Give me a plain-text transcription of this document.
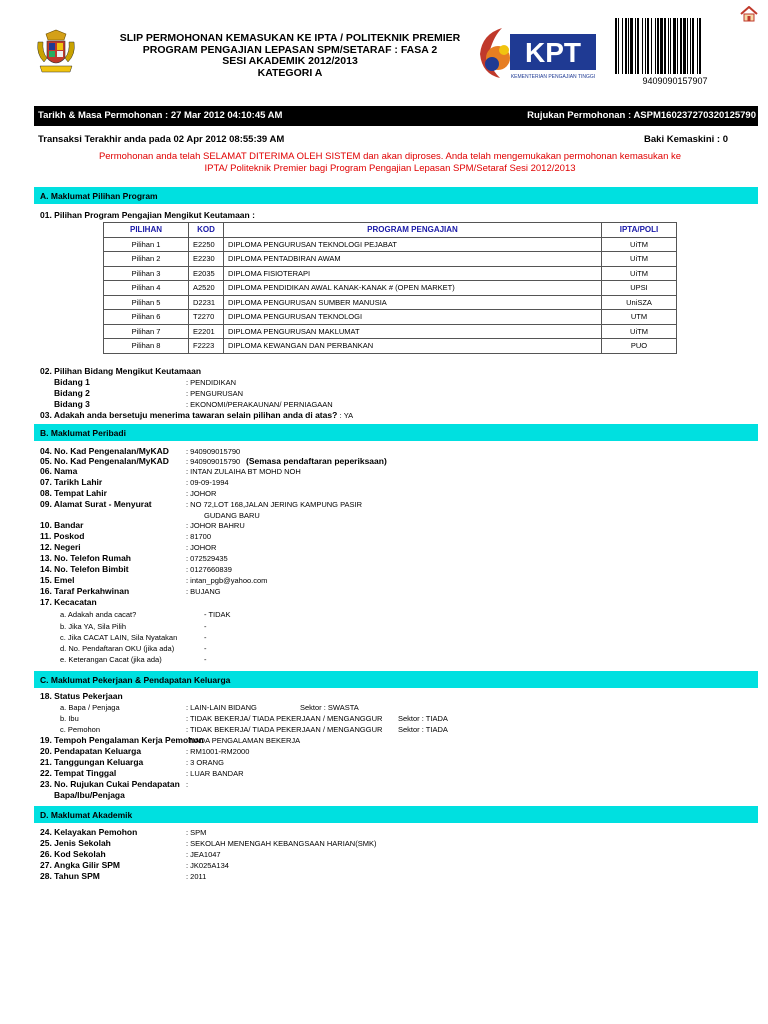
SLIP PERMOHONAN KEMASUKAN KE IPTA / POLITEKNIK PREMIER
PROGRAM PENGAJIAN LEPASAN SPM/SETARAF : FASA 2
SESI AKADEMIK 2012/2013
KATEGORI A
KPT
KEMENTERIAN PENGAJIAN TINGGI	9409090157907
Tarikh & Masa Permohonan : 27 Mar 2012 04:10:45 AM	Rujukan Permohonan : ASPM160237270320125790
Transaksi Terakhir anda pada 02 Apr 2012 08:55:39 AM	Baki Kemaskini : 0
Permohonan anda telah SELAMAT DITERIMA OLEH SISTEM dan akan diproses. Anda telah mengemukakan permohonan kemasukan ke
IPTA/ Politeknik Premier bagi Program Pengajian Lepasan SPM/Setaraf Sesi 2012/2013
A. Maklumat Pilihan Program
01. Pilihan Program Pengajian Mengikut Keutamaan :
PILIHAN	KOD	PROGRAM PENGAJIAN	IPTA/POLI
Pilihan 1	E2250	DIPLOMA PENGURUSAN TEKNOLOGI PEJABAT	UiTM
Pilihan 2	E2230	DIPLOMA PENTADBIRAN AWAM	UiTM
Pilihan 3	E2035	DIPLOMA FISIOTERAPI	UiTM
Pilihan 4	A2520	DIPLOMA PENDIDIKAN AWAL KANAK-KANAK # (OPEN MARKET)	UPSI
Pilihan 5	D2231	DIPLOMA PENGURUSAN SUMBER MANUSIA	UniSZA
Pilihan 6	T2270	DIPLOMA PENGURUSAN TEKNOLOGI	UTM
Pilihan 7	E2201	DIPLOMA PENGURUSAN MAKLUMAT	UiTM
Pilihan 8	F2223	DIPLOMA KEWANGAN DAN PERBANKAN	PUO
02. Pilihan Bidang Mengikut Keutamaan
Bidang 1	: PENDIDIKAN
Bidang 2	: PENGURUSAN
Bidang 3	: EKONOMI/PERAKAUNAN/ PERNIAGAAN
03. Adakah anda bersetuju menerima tawaran selain pilihan anda di atas? : YA
B. Maklumat Peribadi
C. Maklumat Pekerjaan & Pendapatan Keluarga
18. Status Pekerjaan
D. Maklumat Akademik
04. No. Kad Pengenalan/MyKAD : 940909015790
05. No. Kad Pengenalan/MyKAD : 940909015790 (Semasa pendaftaran peperiksaan)
06. Nama	: INTAN ZULAIHA BT MOHD NOH
07. Tarikh Lahir	: 09-09-1994
08. Tempat Lahir	: JOHOR
09. Alamat Surat - Menyurat	: NO 72,LOT 168,JALAN JERING KAMPUNG PASIR
GUDANG BARU
10. Bandar	: JOHOR BAHRU
11. Poskod	: 81700
12. Negeri	: JOHOR
13. No. Telefon Rumah	: 072529435
14. No. Telefon Bimbit	: 0127660839
15. Emel	: intan_pgb@yahoo.com
16. Taraf Perkahwinan	: BUJANG
17. Kecacatan
a. Adakah anda cacat?	- TIDAK
b. Jika YA, Sila Pilih	-
c. Jika CACAT LAIN, Sila Nyatakan	-
d. No. Pendaftaran OKU (jika ada)	-
e. Keterangan Cacat (jika ada)	-
a. Bapa / Penjaga	: LAIN-LAIN BIDANG	Sektor : SWASTA
b. Ibu	: TIDAK BEKERJA/ TIADA PEKERJAAN / MENGANGGUR Sektor : TIADA
c. Pemohon	: TIDAK BEKERJA/ TIADA PEKERJAAN / MENGANGGUR Sektor : TIADA
19. Tempoh Pengalaman Kerja Pemohon
TIADA PENGALAMAN BEKERJA
20. Pendapatan Keluarga	: RM1001-RM2000
21. Tanggungan Keluarga	: 3 ORANG
22. Tempat Tinggal	: LUAR BANDAR
23. No. Rujukan Cukai Pendapatan :
Bapa/Ibu/Penjaga
24. Kelayakan Pemohon	: SPM
25. Jenis Sekolah	: SEKOLAH MENENGAH KEBANGSAAN HARIAN(SMK)
26. Kod Sekolah	: JEA1047
27. Angka Gilir SPM	: JK025A134
28. Tahun SPM	: 2011
